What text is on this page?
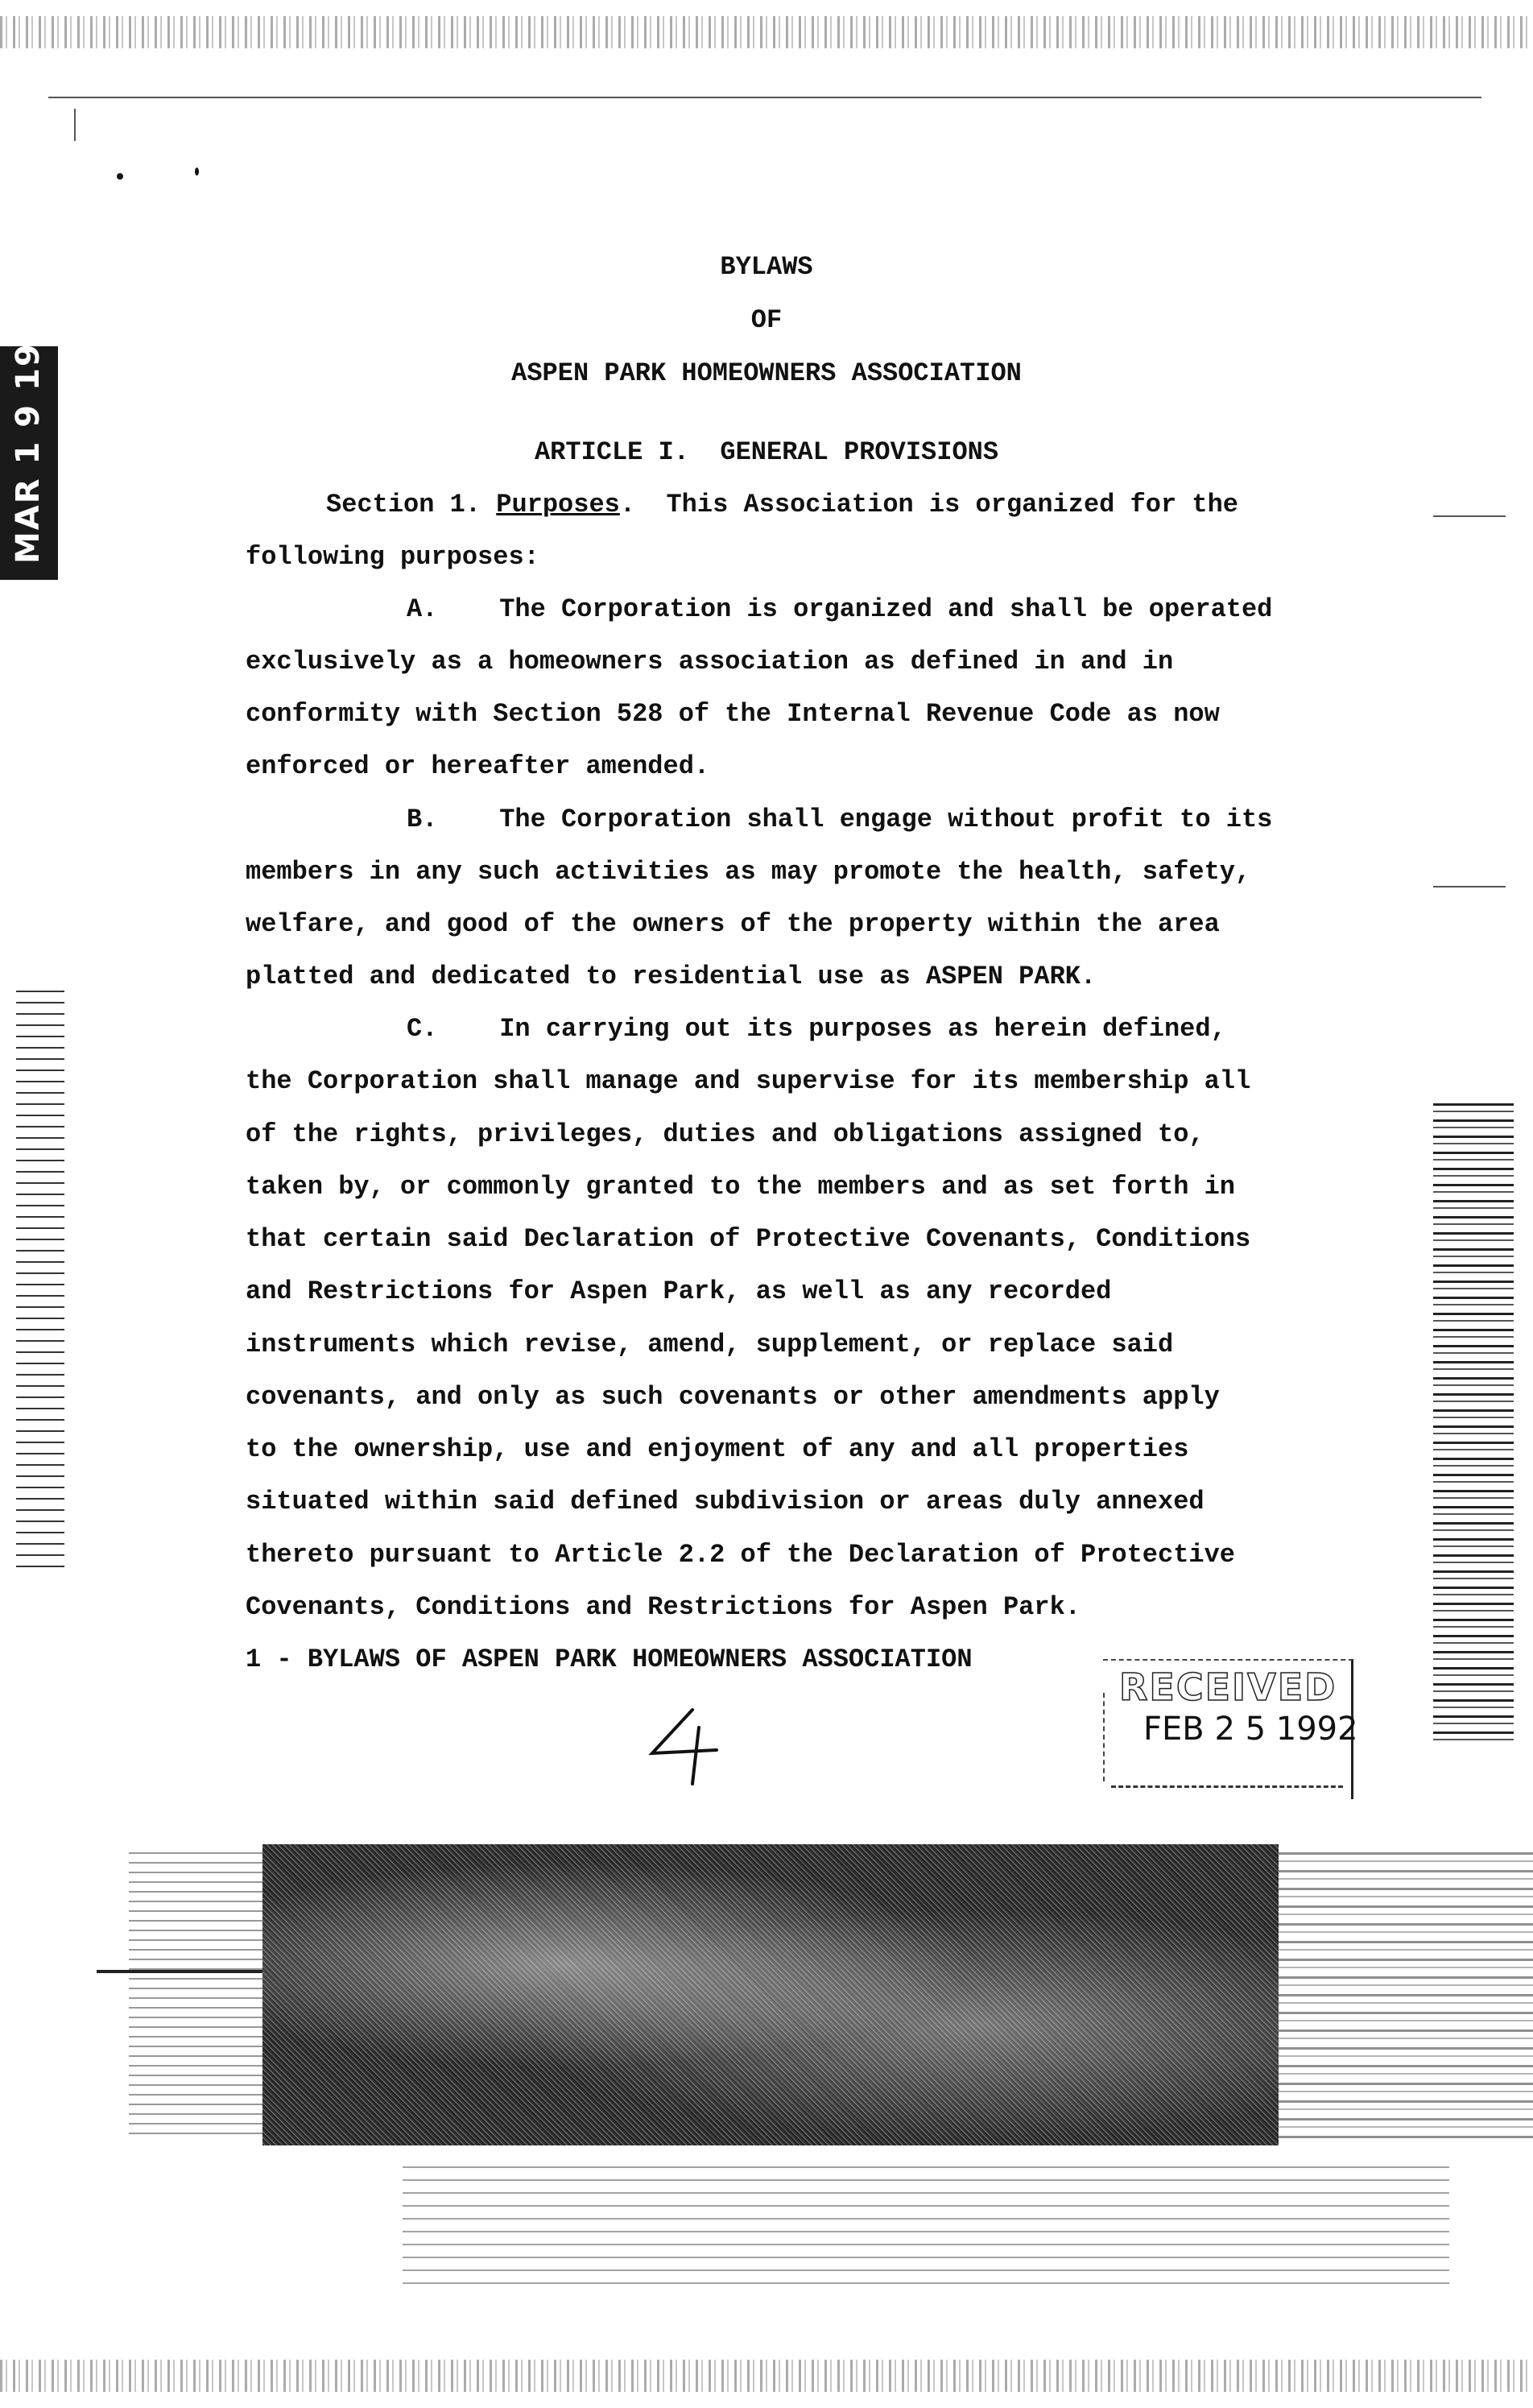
MAR 1 9 1992
BYLAWS
OF
ASPEN PARK HOMEOWNERS ASSOCIATION
ARTICLE I.  GENERAL PROVISIONS
Section 1. Purposes.  This Association is organized for the
following purposes:
A.    The Corporation is organized and shall be operated
exclusively as a homeowners association as defined in and in
conformity with Section 528 of the Internal Revenue Code as now
enforced or hereafter amended.
B.    The Corporation shall engage without profit to its
members in any such activities as may promote the health, safety,
welfare, and good of the owners of the property within the area
platted and dedicated to residential use as ASPEN PARK.
C.    In carrying out its purposes as herein defined,
the Corporation shall manage and supervise for its membership all
of the rights, privileges, duties and obligations assigned to,
taken by, or commonly granted to the members and as set forth in
that certain said Declaration of Protective Covenants, Conditions
and Restrictions for Aspen Park, as well as any recorded
instruments which revise, amend, supplement, or replace said
covenants, and only as such covenants or other amendments apply
to the ownership, use and enjoyment of any and all properties
situated within said defined subdivision or areas duly annexed
thereto pursuant to Article 2.2 of the Declaration of Protective
Covenants, Conditions and Restrictions for Aspen Park.
1 - BYLAWS OF ASPEN PARK HOMEOWNERS ASSOCIATION
RECEIVED
FEB 2 5 1992
